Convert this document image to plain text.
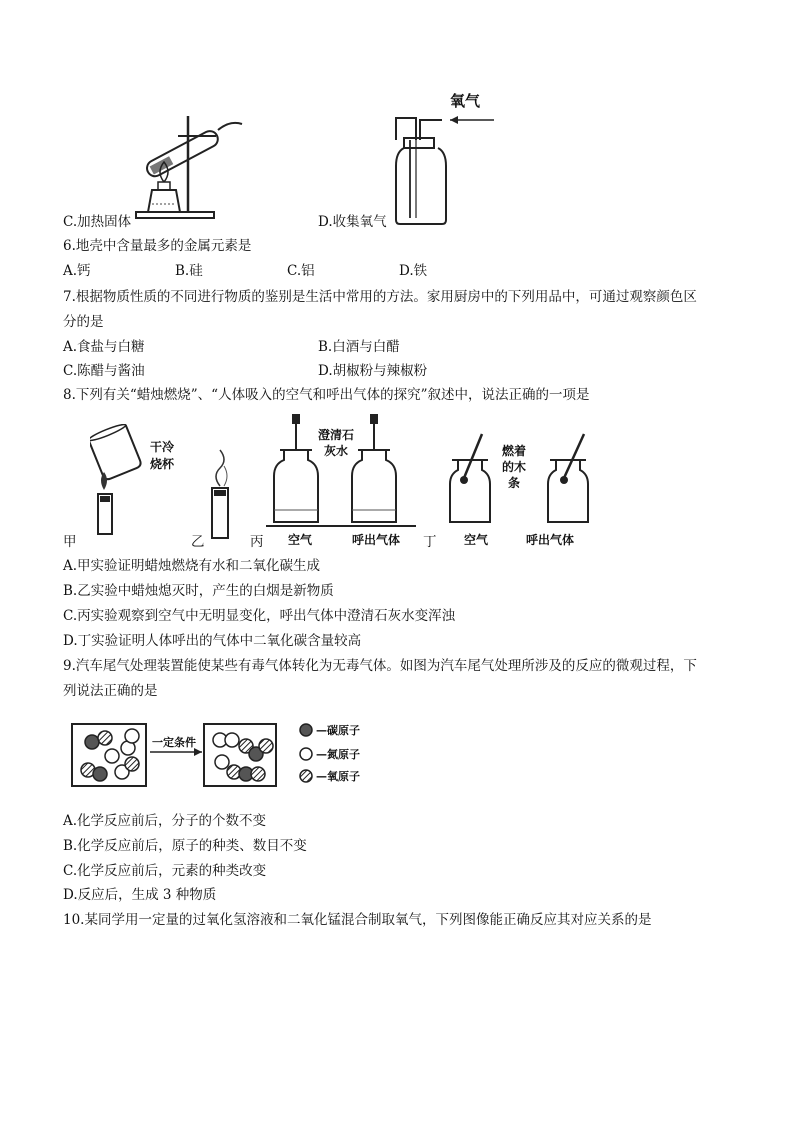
氧气
C.加热固体	D.收集氧气
6.地壳中含量最多的金属元素是
A.钙	B.硅	C.铝	D.铁
7.根据物质性质的不同进行物质的鉴别是生活中常用的方法。家用厨房中的下列用品中，可通过观察颜色区
分的是
A.食盐与白糖	B.白酒与白醋
C.陈醋与酱油	D.胡椒粉与辣椒粉
8.下列有关“蜡烛燃烧”、“人体吸入的空气和呼出气体的探究”叙述中，说法正确的一项是
干冷
烧杯
澄清石
灰水
空气	呼出气体
燃着
的木
条
空气	呼出气体
甲	乙	丙	丁
A.甲实验证明蜡烛燃烧有水和二氧化碳生成
B.乙实验中蜡烛熄灭时，产生的白烟是新物质
C.丙实验观察到空气中无明显变化，呼出气体中澄清石灰水变浑浊
D.丁实验证明人体呼出的气体中二氧化碳含量较高
9.汽车尾气处理装置能使某些有毒气体转化为无毒气体。如图为汽车尾气处理所涉及的反应的微观过程，下
列说法正确的是
一定条件
—碳原子
—氮原子
—氧原子
A.化学反应前后，分子的个数不变
B.化学反应前后，原子的种类、数目不变
C.化学反应前后，元素的种类改变
D.反应后，生成 3 种物质
10.某同学用一定量的过氧化氢溶液和二氧化锰混合制取氧气，下列图像能正确反应其对应关系的是
